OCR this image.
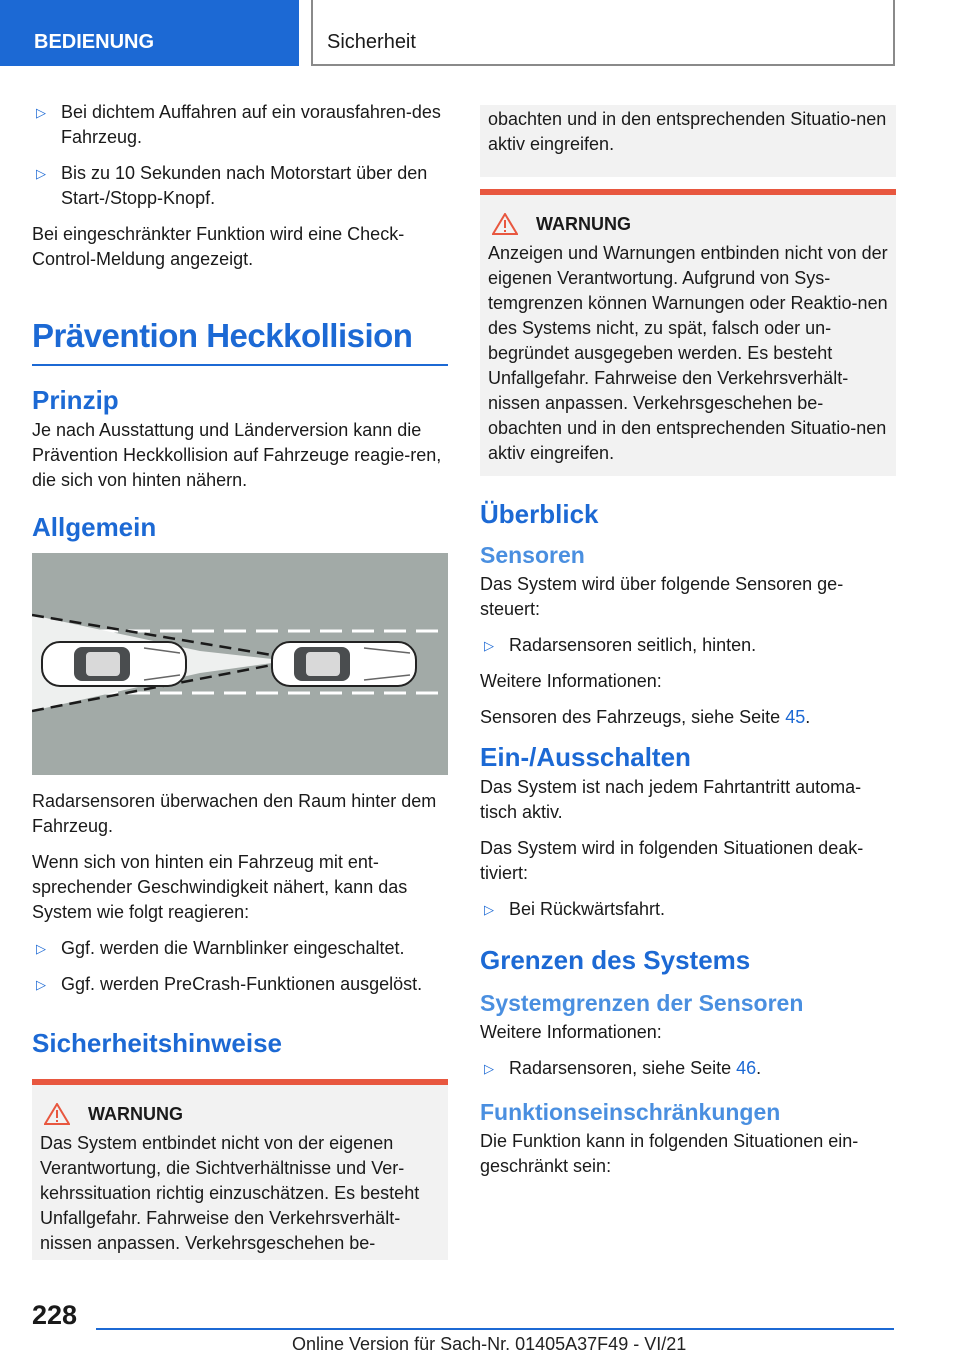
BEDIENUNG	Sicherheit
▷ Bei dichtem Auffahren auf ein vorausfahren-des Fahrzeug.
▷ Bis zu 10 Sekunden nach Motorstart über den Start-/Stopp-Knopf.
Bei eingeschränkter Funktion wird eine Check-Control-Meldung angezeigt.
Prävention Heckkollision
Prinzip
Je nach Ausstattung und Länderversion kann die Prävention Heckkollision auf Fahrzeuge reagie-ren, die sich von hinten nähern.
Allgemein
Radarsensoren überwachen den Raum hinter dem Fahrzeug.
Wenn sich von hinten ein Fahrzeug mit ent-sprechender Geschwindigkeit nähert, kann das System wie folgt reagieren:
▷ Ggf. werden die Warnblinker eingeschaltet.
▷ Ggf. werden PreCrash-Funktionen ausgelöst.
Sicherheitshinweise
WARNUNG
Das System entbindet nicht von der eigenen Verantwortung, die Sichtverhältnisse und Ver-kehrssituation richtig einzuschätzen. Es besteht Unfallgefahr. Fahrweise den Verkehrsverhält-nissen anpassen. Verkehrsgeschehen be-
obachten und in den entsprechenden Situatio-nen aktiv eingreifen.
WARNUNG
Anzeigen und Warnungen entbinden nicht von der eigenen Verantwortung. Aufgrund von Sys-temgrenzen können Warnungen oder Reaktio-nen des Systems nicht, zu spät, falsch oder un-begründet ausgegeben werden. Es besteht Unfallgefahr. Fahrweise den Verkehrsverhält-nissen anpassen. Verkehrsgeschehen be-obachten und in den entsprechenden Situatio-nen aktiv eingreifen.
Überblick
Sensoren
Das System wird über folgende Sensoren ge-steuert:
▷ Radarsensoren seitlich, hinten.
Weitere Informationen:
Sensoren des Fahrzeugs, siehe Seite 45.
Ein-/Ausschalten
Das System ist nach jedem Fahrtantritt automa-tisch aktiv.
Das System wird in folgenden Situationen deak-tiviert:
▷ Bei Rückwärtsfahrt.
Grenzen des Systems
Systemgrenzen der Sensoren
Weitere Informationen:
▷ Radarsensoren, siehe Seite 46.
Funktionseinschränkungen
Die Funktion kann in folgenden Situationen ein-geschränkt sein:
228
Online Version für Sach-Nr. 01405A37F49 - VI/21
